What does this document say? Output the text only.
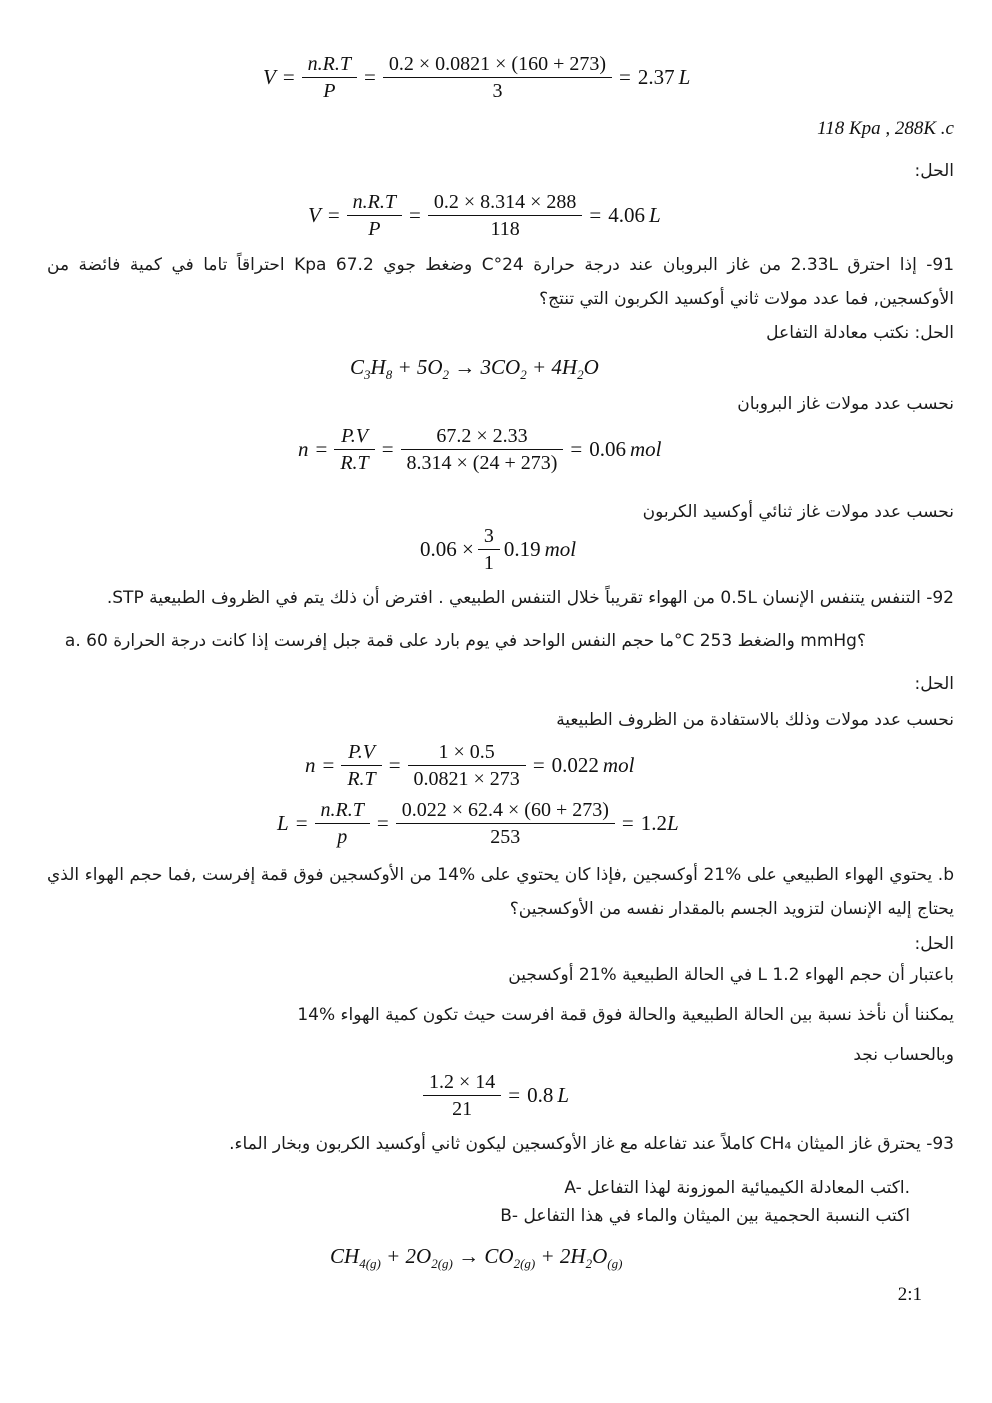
$V = \frac{n.R.T}{P} = \frac{0.2 \times 0.0821 \times (160 + 273)}{3} = 2.37$ L
118 Kpa , 288K .c
الحل:
$V = \frac{n.R.T}{P} = \frac{0.2 \times 8.314 \times 288}{118} = 4.06$ L
91- إذا احترق 2.33L من غاز البروبان عند درجة حرارة 24°C وضغط جوي 67.2 Kpa احتراقاً تاما في كمية فائضة من الأوكسجين, فما عدد مولات ثاني أوكسيد الكربون التي تنتج؟
الحل: نكتب معادلة التفاعل
$C_3H_8 + 5O_2 \to 3CO_2 + 4H_2O$
نحسب عدد مولات غاز البروبان
$n = \frac{P.V}{R.T} = \frac{67.2 \times 2.33}{8.314 \times (24 + 273)} = 0.06$ mol
نحسب عدد مولات غاز ثنائي أوكسيد الكربون
$0.06 \times \frac{3}{1} 0.19$ mol
92- التنفس يتنفس الإنسان 0.5L من الهواء تقريباً خلال التنفس الطبيعي . افترض أن ذلك يتم في الظروف الطبيعية STP.
a. ما حجم النفس الواحد في يوم بارد على قمة جبل إفرست إذا كانت درجة الحرارة 60°C والضغط 253 mmHg؟
الحل:
نحسب عدد مولات وذلك بالاستفادة من الظروف الطبيعية
$n = \frac{P.V}{R.T} = \frac{1 \times 0.5}{0.0821 \times 273} = 0.022$ mol
$L = \frac{n.R.T}{p} = \frac{0.022 \times 62.4 \times (60 + 273)}{253} = 1.2$ L
b. يحتوي الهواء الطبيعي على %21 أوكسجين ,فإذا كان يحتوي على %14 من الأوكسجين فوق قمة إفرست ,فما حجم الهواء الذي يحتاج إليه الإنسان لتزويد الجسم بالمقدار نفسه من الأوكسجين؟
الحل:
باعتبار أن حجم الهواء 1.2 L في الحالة الطبيعية %21 أوكسجين
يمكننا أن نأخذ نسبة بين الحالة الطبيعية والحالة فوق قمة افرست حيث تكون كمية الهواء %14
وبالحساب نجد
$\frac{1.2 \times 14}{21} = 0.8$ L
93- يحترق غاز الميثان CH₄ كاملاً عند تفاعله مع غاز الأوكسجين ليكون ثاني أوكسيد الكربون وبخار الماء.
A- اكتب المعادلة الكيميائية الموزونة لهذا التفاعل.
B- اكتب النسبة الحجمية بين الميثان والماء في هذا التفاعل
$CH_{4(g)} + 2O_{2(g)} \to CO_{2(g)} + 2H_2O_{(g)}$
2:1
